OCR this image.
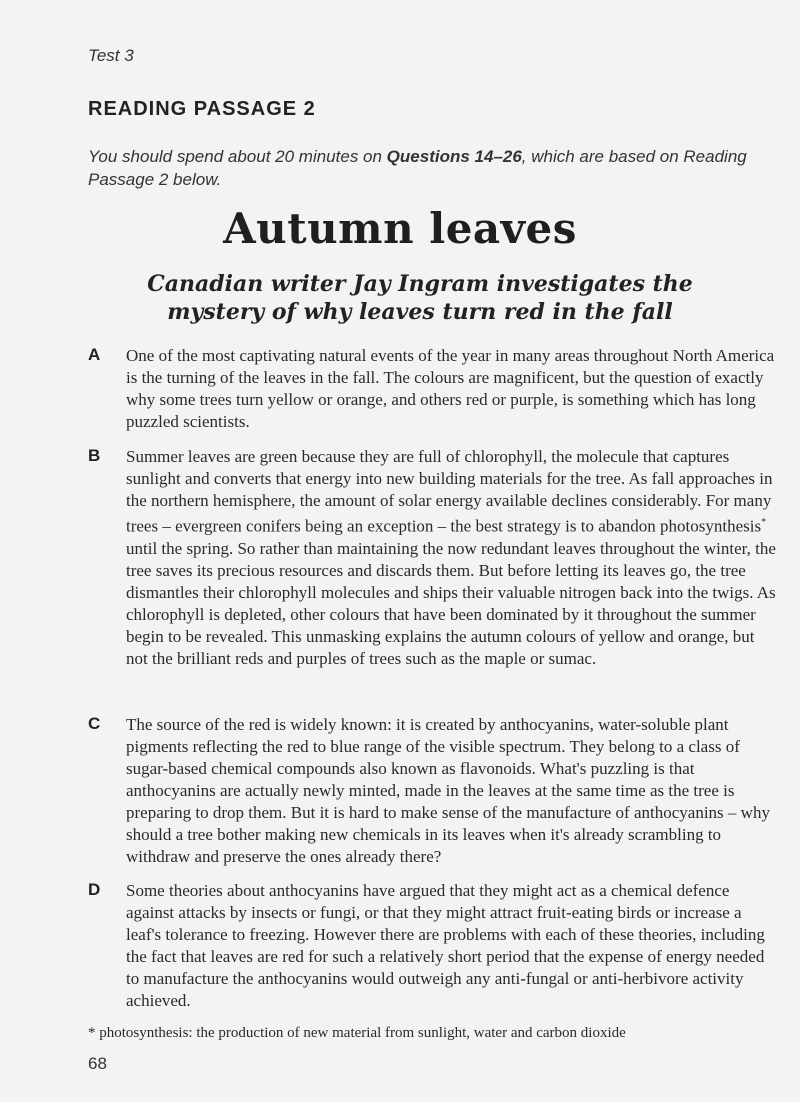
Test 3
READING PASSAGE 2
You should spend about 20 minutes on Questions 14–26, which are based on Reading Passage 2 below.
Autumn leaves
Canadian writer Jay Ingram investigates the mystery of why leaves turn red in the fall
A One of the most captivating natural events of the year in many areas throughout North America is the turning of the leaves in the fall. The colours are magnificent, but the question of exactly why some trees turn yellow or orange, and others red or purple, is something which has long puzzled scientists.
B Summer leaves are green because they are full of chlorophyll, the molecule that captures sunlight and converts that energy into new building materials for the tree. As fall approaches in the northern hemisphere, the amount of solar energy available declines considerably. For many trees – evergreen conifers being an exception – the best strategy is to abandon photosynthesis* until the spring. So rather than maintaining the now redundant leaves throughout the winter, the tree saves its precious resources and discards them. But before letting its leaves go, the tree dismantles their chlorophyll molecules and ships their valuable nitrogen back into the twigs. As chlorophyll is depleted, other colours that have been dominated by it throughout the summer begin to be revealed. This unmasking explains the autumn colours of yellow and orange, but not the brilliant reds and purples of trees such as the maple or sumac.
C The source of the red is widely known: it is created by anthocyanins, water-soluble plant pigments reflecting the red to blue range of the visible spectrum. They belong to a class of sugar-based chemical compounds also known as flavonoids. What's puzzling is that anthocyanins are actually newly minted, made in the leaves at the same time as the tree is preparing to drop them. But it is hard to make sense of the manufacture of anthocyanins – why should a tree bother making new chemicals in its leaves when it's already scrambling to withdraw and preserve the ones already there?
D Some theories about anthocyanins have argued that they might act as a chemical defence against attacks by insects or fungi, or that they might attract fruit-eating birds or increase a leaf's tolerance to freezing. However there are problems with each of these theories, including the fact that leaves are red for such a relatively short period that the expense of energy needed to manufacture the anthocyanins would outweigh any anti-fungal or anti-herbivore activity achieved.
* photosynthesis: the production of new material from sunlight, water and carbon dioxide
68
